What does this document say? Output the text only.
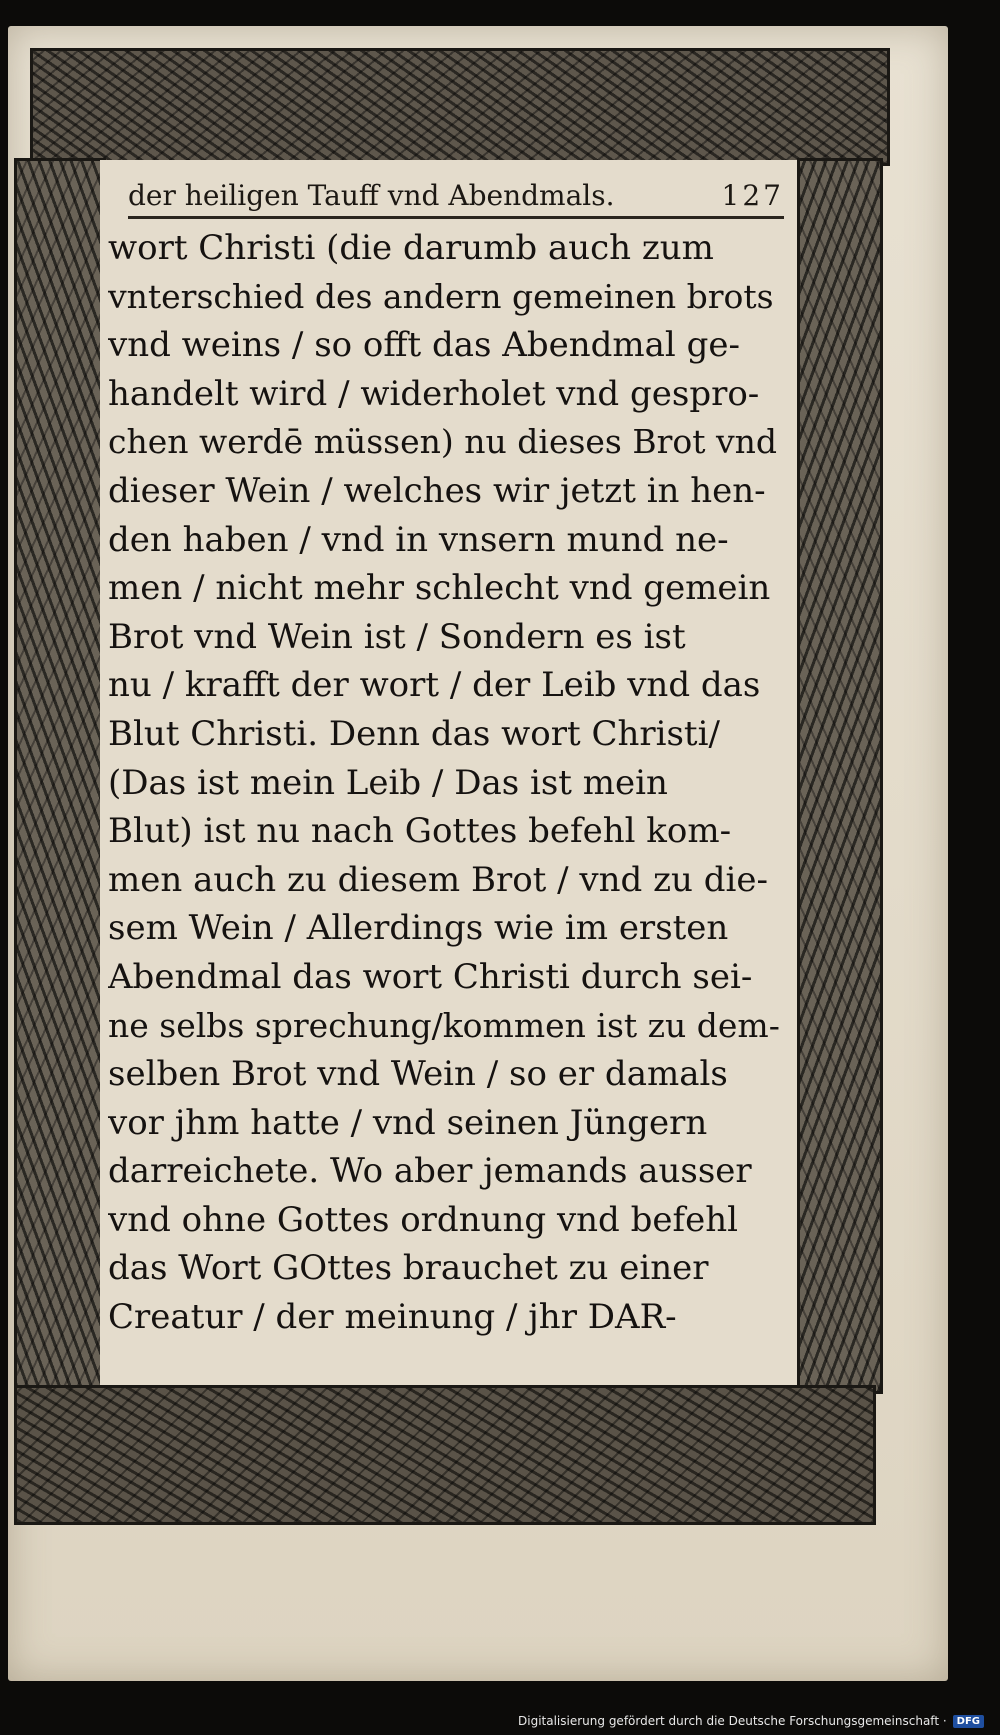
der heiligen Tauff vnd Abendmals.	127
wort Christi (die darumb auch zum
vnterschied des andern gemeinen brots
vnd weins / so offt das Abendmal ge-
handelt wird / widerholet vnd gespro-
chen werdē müssen) nu dieses Brot vnd
dieser Wein / welches wir jetzt in hen-
den haben / vnd in vnsern mund ne-
men / nicht mehr schlecht vnd gemein
Brot vnd Wein ist / Sondern es ist
nu / krafft der wort / der Leib vnd das
Blut Christi. Denn das wort Christi/
(Das ist mein Leib / Das ist mein
Blut) ist nu nach Gottes befehl kom-
men auch zu diesem Brot / vnd zu die-
sem Wein / Allerdings wie im ersten
Abendmal das wort Christi durch sei-
ne selbs sprechung/kommen ist zu dem-
selben Brot vnd Wein / so er damals
vor jhm hatte / vnd seinen Jüngern
darreichete. Wo aber jemands ausser
vnd ohne Gottes ordnung vnd befehl
das Wort GOttes brauchet zu einer
Creatur / der meinung / jhr DAR-
Digitalisierung gefördert durch die Deutsche Forschungsgemeinschaft ·	DFG
